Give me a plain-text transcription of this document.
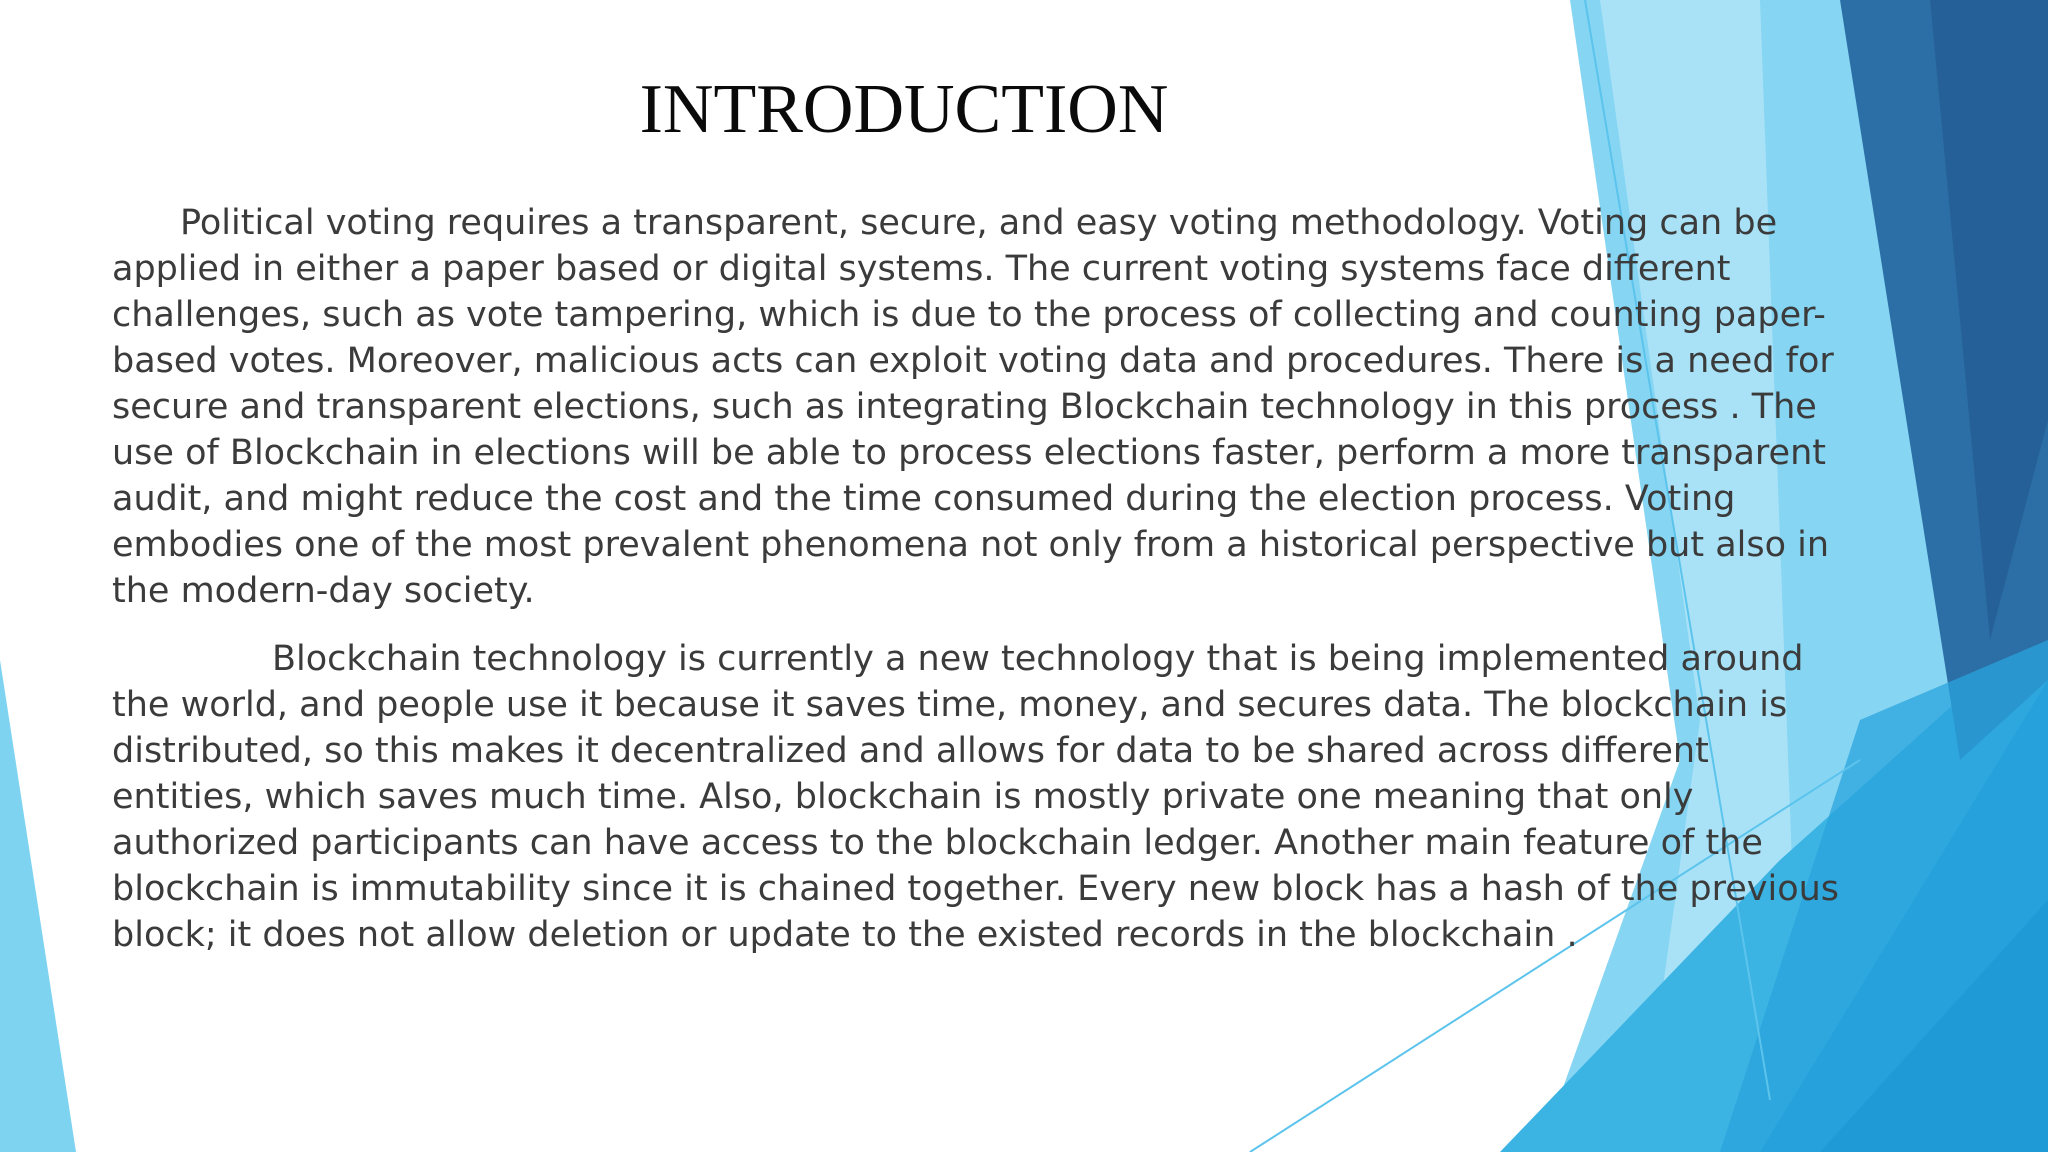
INTRODUCTION

Political voting requires a transparent, secure, and easy voting methodology. Voting can be applied in either a paper based or digital systems. The current voting systems face different challenges, such as vote tampering, which is due to the process of collecting and counting paper-based votes. Moreover, malicious acts can exploit voting data and procedures. There is a need for secure and transparent elections, such as integrating Blockchain technology in this process . The use of Blockchain in elections will be able to process elections faster, perform a more transparent audit, and might reduce the cost and the time consumed during the election process. Voting embodies one of the most prevalent phenomena not only from a historical perspective but also in the modern-day society.

Blockchain technology is currently a new technology that is being implemented around the world, and people use it because it saves time, money, and secures data. The blockchain is distributed, so this makes it decentralized and allows for data to be shared across different entities, which saves much time. Also, blockchain is mostly private one meaning that only authorized participants can have access to the blockchain ledger. Another main feature of the blockchain is immutability since it is chained together. Every new block has a hash of the previous block; it does not allow deletion or update to the existed records in the blockchain .
